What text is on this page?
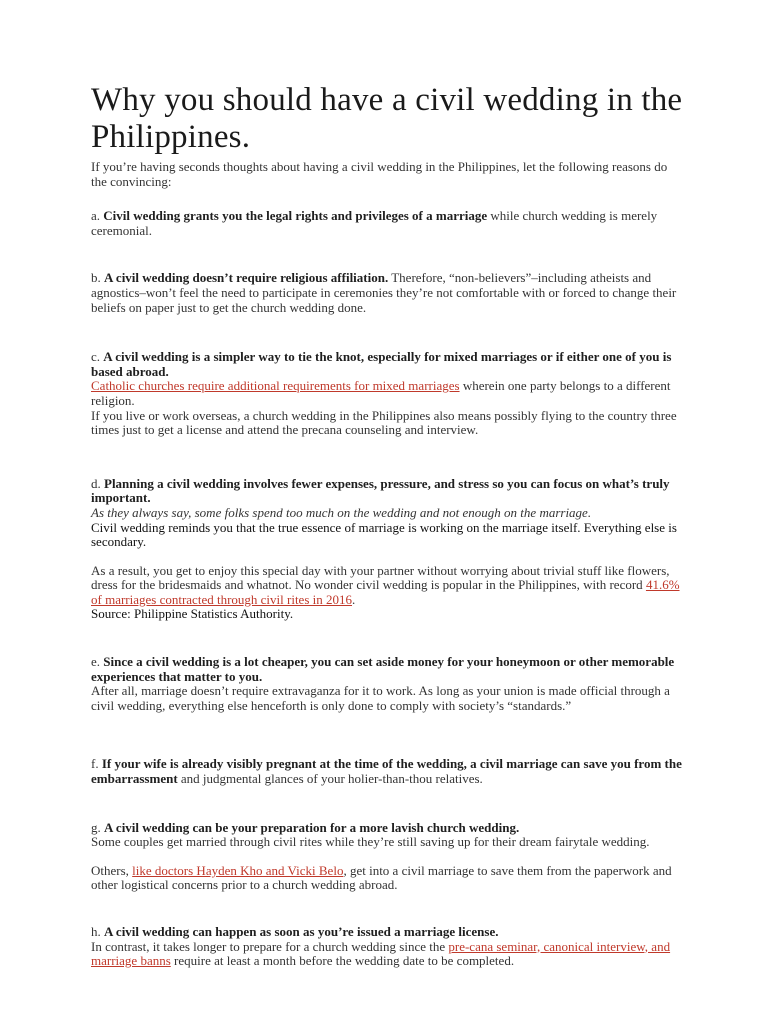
Why you should have a civil wedding in the Philippines.

If you’re having seconds thoughts about having a civil wedding in the Philippines, let the following reasons do the convincing:

a. Civil wedding grants you the legal rights and privileges of a marriage while church wedding is merely ceremonial.

b. A civil wedding doesn’t require religious affiliation. Therefore, “non-believers”–including atheists and agnostics–won’t feel the need to participate in ceremonies they’re not comfortable with or forced to change their beliefs on paper just to get the church wedding done.

c. A civil wedding is a simpler way to tie the knot, especially for mixed marriages or if either one of you is based abroad.

Catholic churches require additional requirements for mixed marriages wherein one party belongs to a different religion.

If you live or work overseas, a church wedding in the Philippines also means possibly flying to the country three times just to get a license and attend the precana counseling and interview.

d. Planning a civil wedding involves fewer expenses, pressure, and stress so you can focus on what’s truly important.

As they always say, some folks spend too much on the wedding and not enough on the marriage.

Civil wedding reminds you that the true essence of marriage is working on the marriage itself. Everything else is secondary.

As a result, you get to enjoy this special day with your partner without worrying about trivial stuff like flowers, dress for the bridesmaids and whatnot. No wonder civil wedding is popular in the Philippines, with record 41.6% of marriages contracted through civil rites in 2016.

Source: Philippine Statistics Authority.

e. Since a civil wedding is a lot cheaper, you can set aside money for your honeymoon or other memorable experiences that matter to you.

After all, marriage doesn’t require extravaganza for it to work. As long as your union is made official through a civil wedding, everything else henceforth is only done to comply with society’s “standards.”

f. If your wife is already visibly pregnant at the time of the wedding, a civil marriage can save you from the embarrassment and judgmental glances of your holier-than-thou relatives.

g. A civil wedding can be your preparation for a more lavish church wedding.

Some couples get married through civil rites while they’re still saving up for their dream fairytale wedding.

Others, like doctors Hayden Kho and Vicki Belo, get into a civil marriage to save them from the paperwork and other logistical concerns prior to a church wedding abroad.

h. A civil wedding can happen as soon as you’re issued a marriage license.

In contrast, it takes longer to prepare for a church wedding since the pre-cana seminar, canonical interview, and marriage banns require at least a month before the wedding date to be completed.
